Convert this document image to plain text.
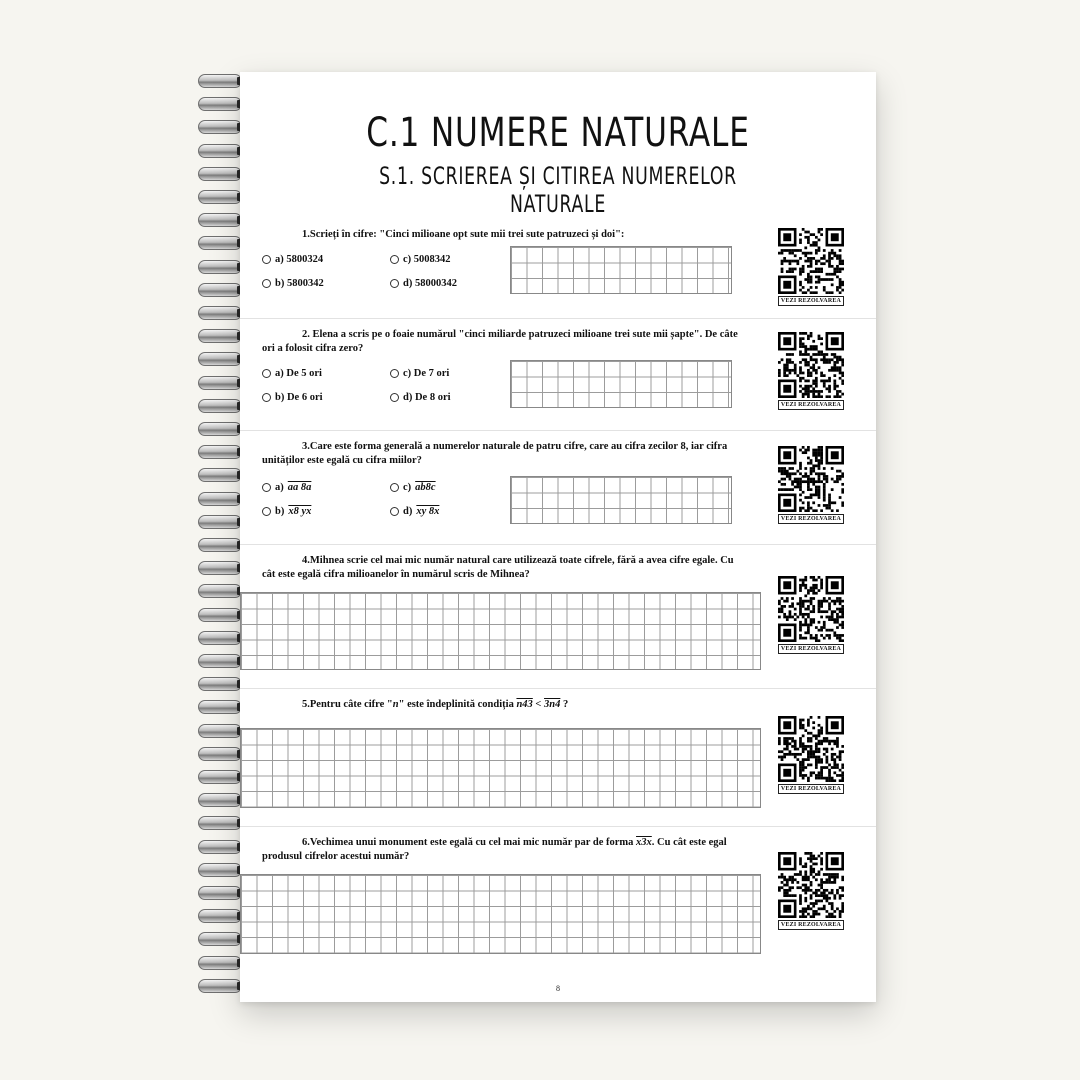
C.1 NUMERE NATURALE
S.1. SCRIEREA ȘI CITIREA NUMERELOR NATURALE
1.Scrieți în cifre: "Cinci milioane opt sute mii trei sute patruzeci și doi":
a) 5800324	c) 5008342
b) 5800342	d) 58000342
VEZI REZOLVAREA
2. Elena a scris pe o foaie numărul "cinci miliarde patruzeci milioane trei sute mii șapte". De câte ori a folosit cifra zero?
a) De 5 ori	c) De 7 ori
b) De 6 ori	d) De 8 ori
VEZI REZOLVAREA
3.Care este forma generală a numerelor naturale de patru cifre, care au cifra zecilor 8, iar cifra unităților este egală cu cifra miilor?
a) aa 8a	c) ab8c
b) x8 yx	d) xy 8x
VEZI REZOLVAREA
4.Mihnea scrie cel mai mic număr natural care utilizează toate cifrele, fără a avea cifre egale. Cu cât este egală cifra milioanelor în numărul scris de Mihnea?
VEZI REZOLVAREA
5.Pentru câte cifre "n" este îndeplinită condiția n43 < 3n4 ?
VEZI REZOLVAREA
6.Vechimea unui monument este egală cu cel mai mic număr par de forma x3x. Cu cât este egal produsul cifrelor acestui număr?
VEZI REZOLVAREA
8
